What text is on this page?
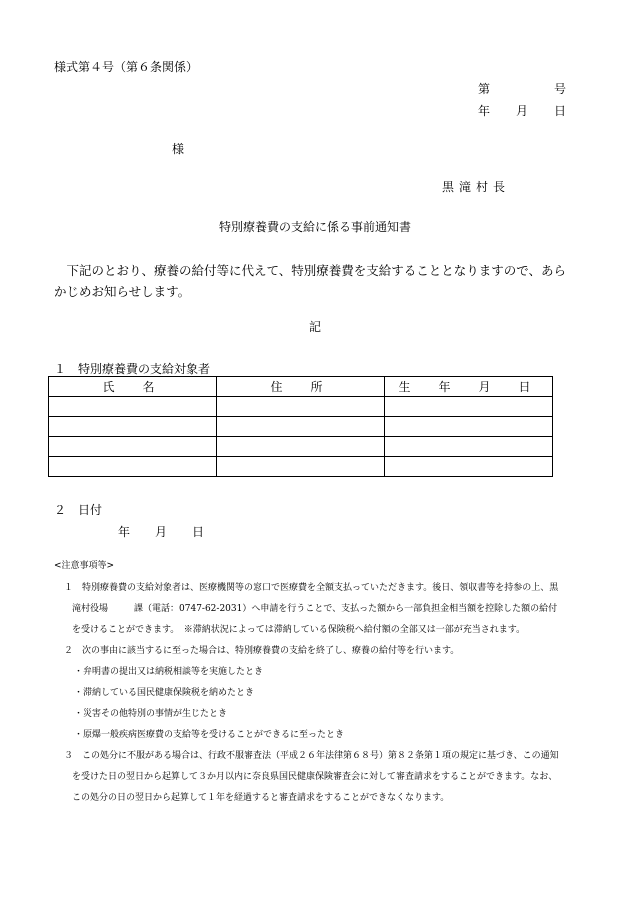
様式第４号（第６条関係）
第	号
年 月 日
様
黒滝村長
特別療養費の支給に係る事前通知書
　下記のとおり、療養の給付等に代えて、特別療養費を支給することとなりますので、あらかじめお知らせします。
記
１　特別療養費の支給対象者
氏　名	住　所	生　年　月　日

２　日付
年 月 日
<注意事項等>
１　特別療養費の支給対象者は、医療機関等の窓口で医療費を全額支払っていただきます。後日、領収書等を持参の上、黒
滝村役場	課（電話：0747-62-2031）へ申請を行うことで、支払った額から一部負担金相当額を控除した額の給付
を受けることができます。　※滞納状況によっては滞納している保険税へ給付額の全部又は一部が充当されます。
２　次の事由に該当するに至った場合は、特別療養費の支給を終了し、療養の給付等を行います。
・弁明書の提出又は納税相談等を実施したとき
・滞納している国民健康保険税を納めたとき
・災害その他特別の事情が生じたとき
・原爆一般疾病医療費の支給等を受けることができるに至ったとき
３　この処分に不服がある場合は、行政不服審査法（平成２６年法律第６８号）第８２条第１項の規定に基づき、この通知
を受けた日の翌日から起算して３か月以内に奈良県国民健康保険審査会に対して審査請求をすることができます。なお、
この処分の日の翌日から起算して１年を経過すると審査請求をすることができなくなります。
